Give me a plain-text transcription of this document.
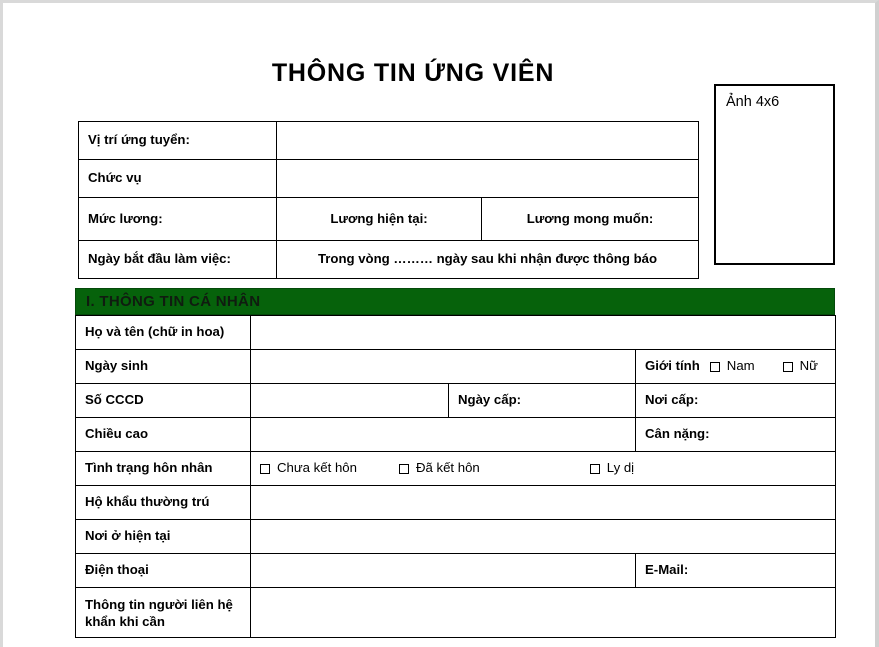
THÔNG TIN ỨNG VIÊN
Ảnh 4x6
Vị trí ứng tuyển:		
Chức vụ		
Mức lương:	Lương hiện tại:	Lương mong muốn:
Ngày bắt đầu làm việc:	Trong vòng ……… ngày sau khi nhận được thông báo	
I. THÔNG TIN CÁ NHÂN
Họ và tên (chữ in hoa)			
Ngày sinh			Giới tính Nam Nữ

Số CCCD		Ngày cấp:	Nơi cấp:
Chiều cao			Cân nặng:
Tình trạng hôn nhân	Chưa kết hôn Đã kết hôn Ly dị		

Hộ khẩu thường trú			
Nơi ở hiện tại			
Điện thoại			E-Mail:
Thông tin người liên hệ khẩn khi cần			
